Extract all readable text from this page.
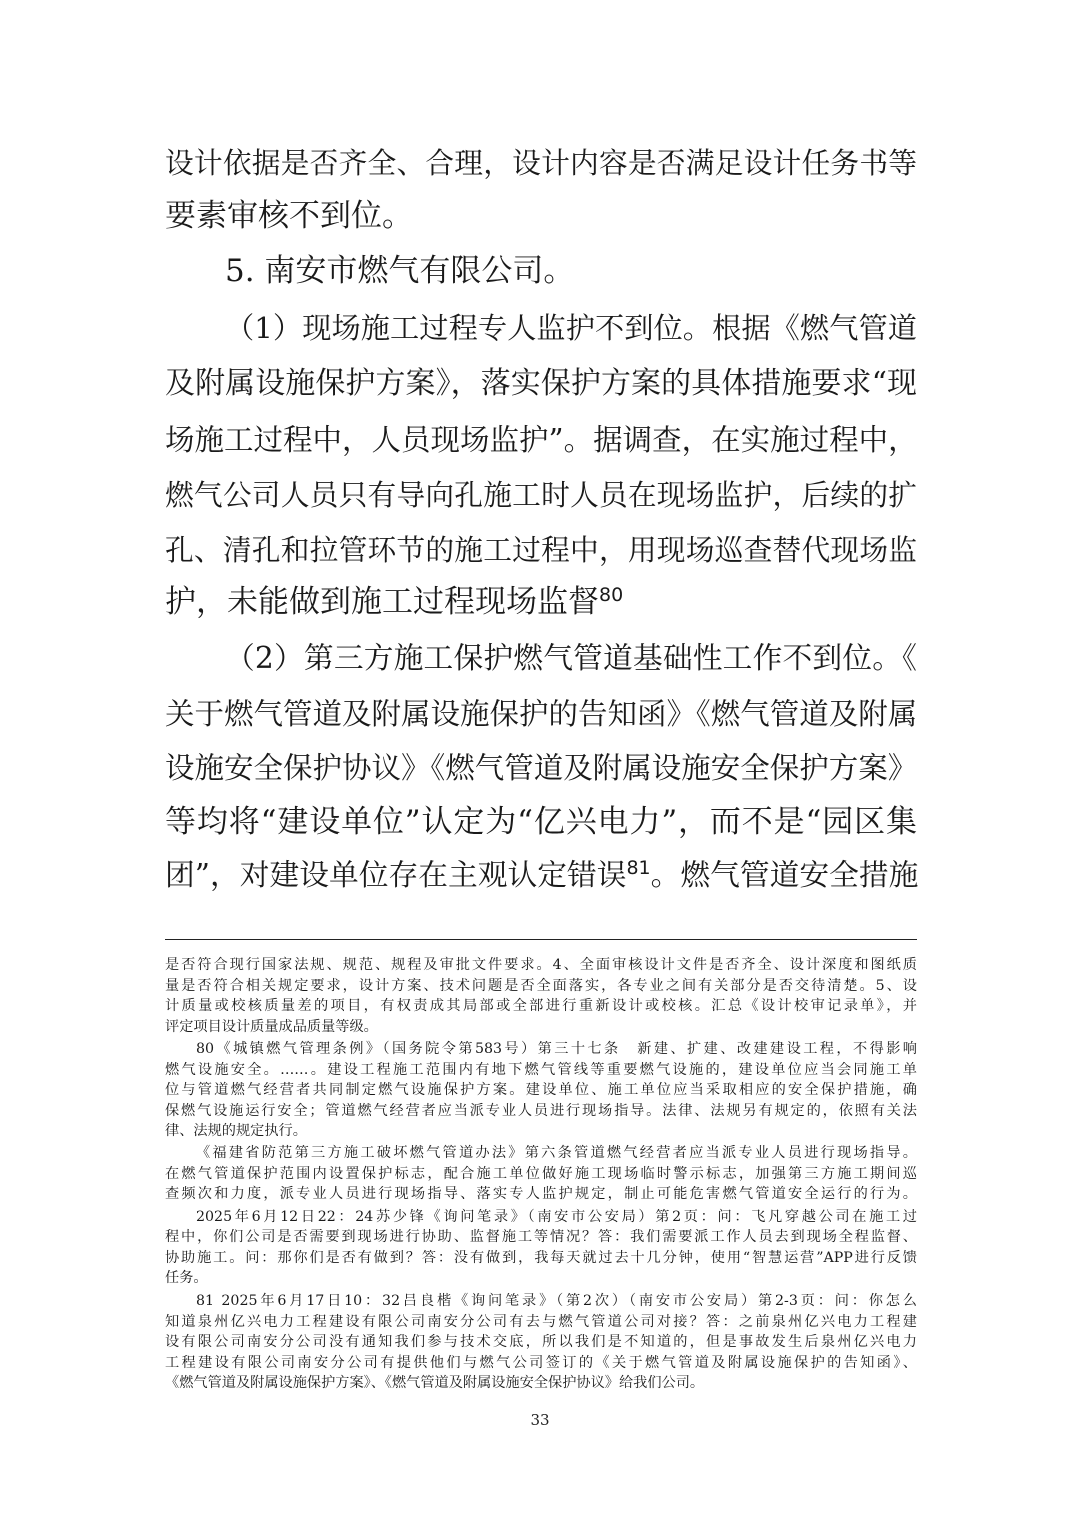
设计依据是否齐全、合理，设计内容是否满足设计任务书等

要素审核不到位。

5. 南安市燃气有限公司。

（1）现场施工过程专人监护不到位。根据《燃气管道

及附属设施保护方案》，落实保护方案的具体措施要求“现

场施工过程中，人员现场监护”。据调查，在实施过程中，

燃气公司人员只有导向孔施工时人员在现场监护，后续的扩

孔、清孔和拉管环节的施工过程中，用现场巡查替代现场监

护，未能做到施工过程现场监督$^{80}$

（2）第三方施工保护燃气管道基础性工作不到位。《

关于燃气管道及附属设施保护的告知函》《燃气管道及附属

设施安全保护协议》《燃气管道及附属设施安全保护方案》

等均将“建设单位”认定为“亿兴电力”，而不是“园区集

团”，对建设单位存在主观认定错误$^{81}$。燃气管道安全措施

是否符合现行国家法规、规范、规程及审批文件要求。4、全面审核设计文件是否齐全、设计深度和图纸质

量是否符合相关规定要求，设计方案、技术问题是否全面落实，各专业之间有关部分是否交待清楚。5、设

计质量或校核质量差的项目，有权责成其局部或全部进行重新设计或校核。汇总《设计校审记录单》，并

评定项目设计质量成品质量等级。

80《城镇燃气管理条例》（国务院令第583号）第三十七条　新建、扩建、改建建设工程，不得影响

燃气设施安全。……。建设工程施工范围内有地下燃气管线等重要燃气设施的，建设单位应当会同施工单

位与管道燃气经营者共同制定燃气设施保护方案。建设单位、施工单位应当采取相应的安全保护措施，确

保燃气设施运行安全；管道燃气经营者应当派专业人员进行现场指导。法律、法规另有规定的，依照有关法

律、法规的规定执行。

《福建省防范第三方施工破坏燃气管道办法》第六条管道燃气经营者应当派专业人员进行现场指导。

在燃气管道保护范围内设置保护标志，配合施工单位做好施工现场临时警示标志，加强第三方施工期间巡

查频次和力度，派专业人员进行现场指导、落实专人监护规定，制止可能危害燃气管道安全运行的行为。

2025年6月12日22：24苏少锋《询问笔录》（南安市公安局）第2页：问：飞凡穿越公司在施工过

程中，你们公司是否需要到现场进行协助、监督施工等情况？答：我们需要派工作人员去到现场全程监督、

协助施工。问：那你们是否有做到？答：没有做到，我每天就过去十几分钟，使用“智慧运营”APP进行反馈

任务。

81 2025年6月17日10：32吕良楷《询问笔录》（第2次）（南安市公安局）第2-3页：问：你怎么

知道泉州亿兴电力工程建设有限公司南安分公司有去与燃气管道公司对接？答：之前泉州亿兴电力工程建

设有限公司南安分公司没有通知我们参与技术交底，所以我们是不知道的，但是事故发生后泉州亿兴电力

工程建设有限公司南安分公司有提供他们与燃气公司签订的《关于燃气管道及附属设施保护的告知函》、

《燃气管道及附属设施保护方案》、《燃气管道及附属设施安全保护协议》给我们公司。

33
